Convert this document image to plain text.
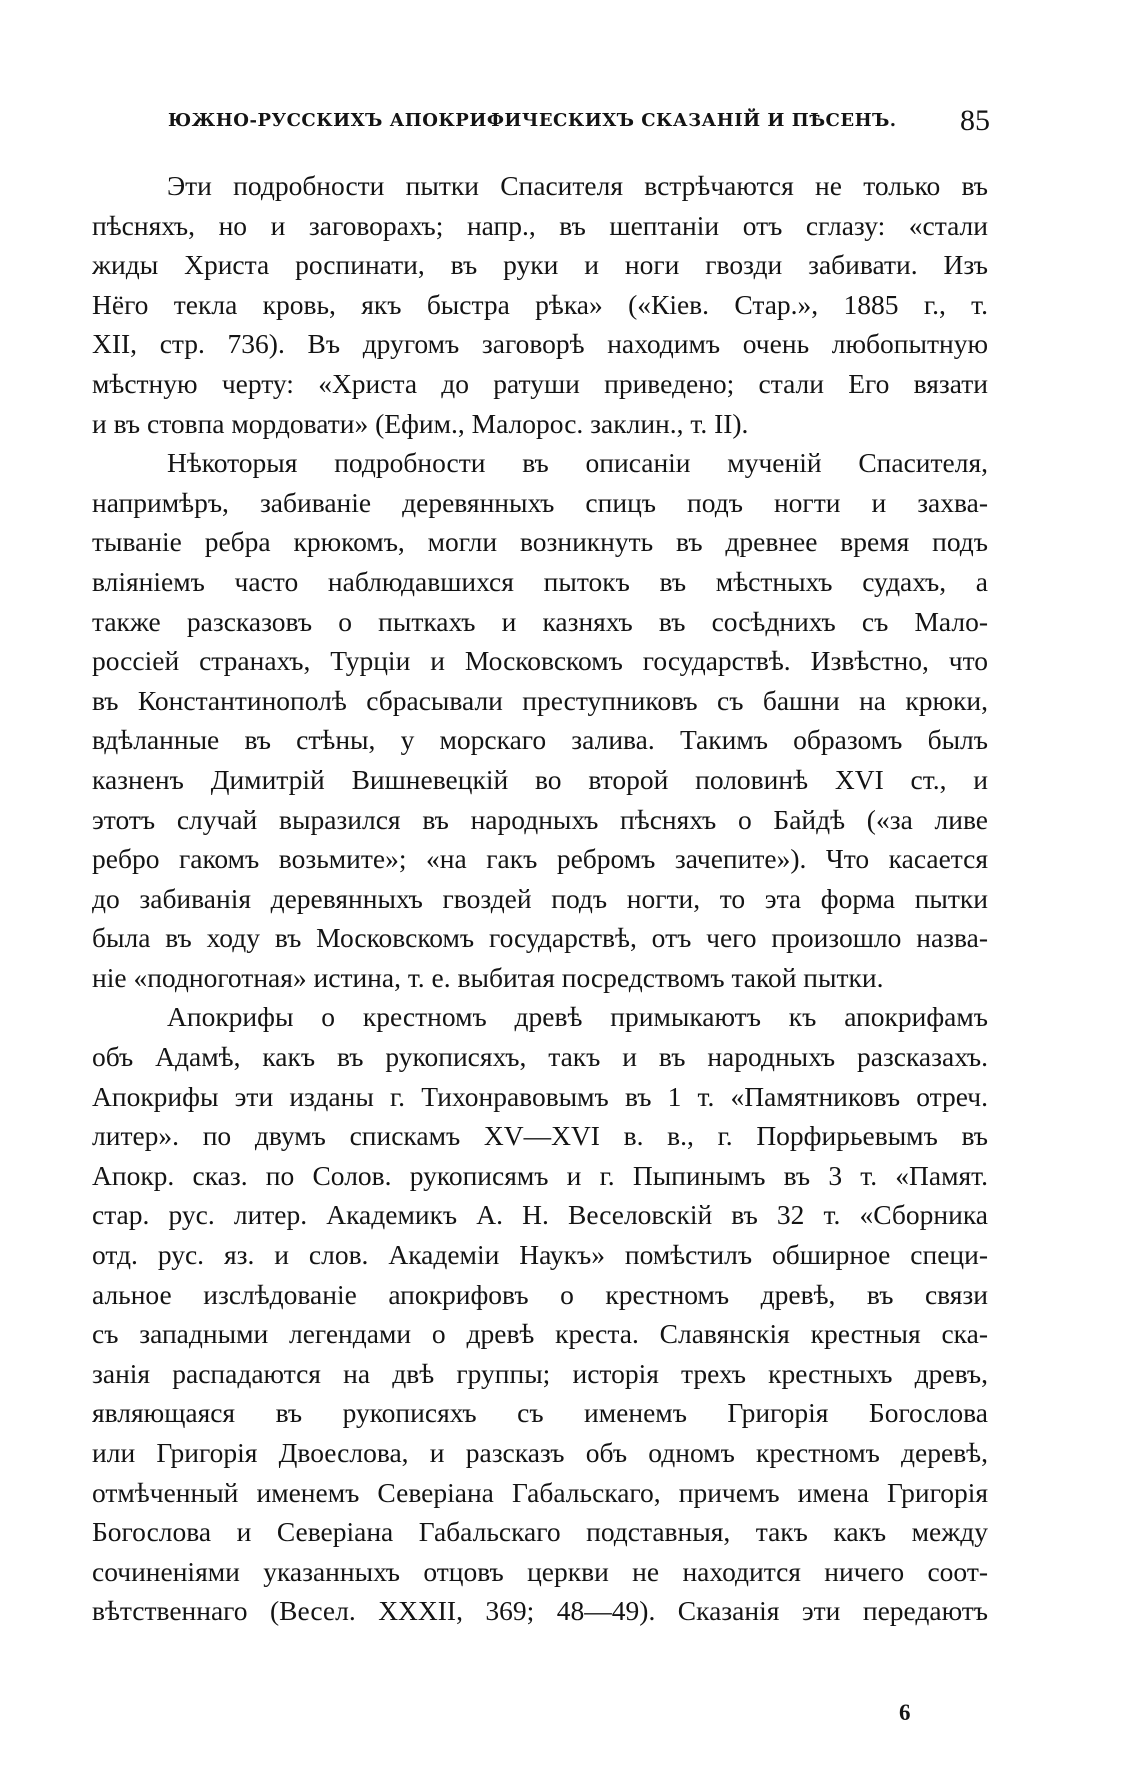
ЮЖНО-РУССКИХЪ АПОКРИФИЧЕСКИХЪ СКАЗАНІЙ И ПѢСЕНЪ. 85
Эти подробности пытки Спасителя встрѣчаются не только въ
пѣсняхъ, но и заговорахъ; напр., въ шептаніи отъ сглазу: «стали
жиды Христа роспинати, въ руки и ноги гвозди забивати. Изъ
Нёго текла кровь, якъ быстра рѣка» («Кіев. Стар.», 1885 г., т.
XII, стр. 736). Въ другомъ заговорѣ находимъ очень любопытную
мѣстную черту: «Христа до ратуши приведено; стали Его вязати
и въ стовпа мордовати» (Ефим., Малорос. заклин., т. II).
Нѣкоторыя подробности въ описаніи мученій Спасителя,
напримѣръ, забиваніе деревянныхъ спицъ подъ ногти и захва-
тываніе ребра крюкомъ, могли возникнуть въ древнее время подъ
вліяніемъ часто наблюдавшихся пытокъ въ мѣстныхъ судахъ, а
также разсказовъ о пыткахъ и казняхъ въ сосѣднихъ съ Мало-
россіей странахъ, Турціи и Московскомъ государствѣ. Извѣстно, что
въ Константинополѣ сбрасывали преступниковъ съ башни на крюки,
вдѣланные въ стѣны, у морскаго залива. Такимъ образомъ былъ
казненъ Димитрій Вишневецкій во второй половинѣ XVI ст., и
этотъ случай выразился въ народныхъ пѣсняхъ о Байдѣ («за ливе
ребро гакомъ возьмите»; «на гакъ ребромъ зачепите»). Что касается
до забиванія деревянныхъ гвоздей подъ ногти, то эта форма пытки
была въ ходу въ Московскомъ государствѣ, отъ чего произошло назва-
ніе «подноготная» истина, т. е. выбитая посредствомъ такой пытки.
Апокрифы о крестномъ древѣ примыкаютъ къ апокрифамъ
объ Адамѣ, какъ въ рукописяхъ, такъ и въ народныхъ разсказахъ.
Апокрифы эти изданы г. Тихонравовымъ въ 1 т. «Памятниковъ отреч.
литер». по двумъ спискамъ XV—XVI в. в., г. Порфирьевымъ въ
Апокр. сказ. по Солов. рукописямъ и г. Пыпинымъ въ 3 т. «Памят.
стар. рус. литер. Академикъ А. Н. Веселовскій въ 32 т. «Сборника
отд. рус. яз. и слов. Академіи Наукъ» помѣстилъ обширное специ-
альное изслѣдованіе апокрифовъ о крестномъ древѣ, въ связи
съ западными легендами о древѣ креста. Славянскія крестныя ска-
занія распадаются на двѣ группы; исторія трехъ крестныхъ древъ,
являющаяся въ рукописяхъ съ именемъ Григорія Богослова
или Григорія Двоеслова, и разсказъ объ одномъ крестномъ деревѣ,
отмѣченный именемъ Северіана Габальскаго, причемъ имена Григорія
Богослова и Северіана Габальскаго подставныя, такъ какъ между
сочиненіями указанныхъ отцовъ церкви не находится ничего соот-
вѣтственнаго (Весел. XXXII, 369; 48—49). Сказанія эти передаютъ
6
